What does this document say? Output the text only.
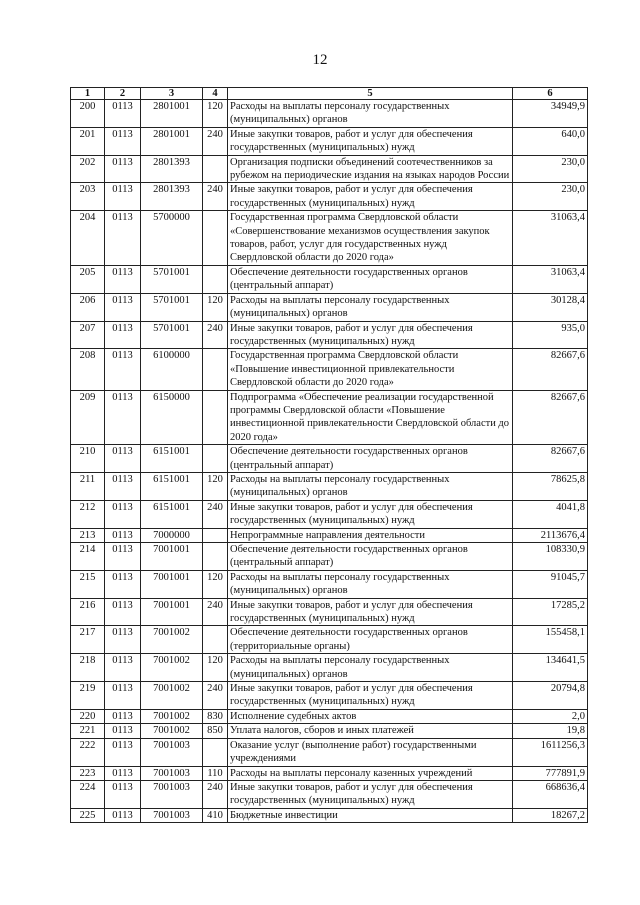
12
1	2	3	4	5	6
200	0113	2801001	120	Расходы на выплаты персоналу государственных (муниципальных) органов	34949,9
201	0113	2801001	240	Иные закупки товаров, работ и услуг для обеспечения государственных (муниципальных) нужд	640,0
202	0113	2801393		Организация подписки объединений соотечественников за рубежом на периодические издания на языках народов России	230,0
203	0113	2801393	240	Иные закупки товаров, работ и услуг для обеспечения государственных (муниципальных) нужд	230,0
204	0113	5700000		Государственная программа Свердловской области «Совершенствование механизмов осуществления закупок товаров, работ, услуг для государственных нужд Свердловской области до 2020 года»	31063,4
205	0113	5701001		Обеспечение деятельности государственных органов (центральный аппарат)	31063,4
206	0113	5701001	120	Расходы на выплаты персоналу государственных (муниципальных) органов	30128,4
207	0113	5701001	240	Иные закупки товаров, работ и услуг для обеспечения государственных (муниципальных) нужд	935,0
208	0113	6100000		Государственная программа Свердловской области «Повышение инвестиционной привлекательности Свердловской области до 2020 года»	82667,6
209	0113	6150000		Подпрограмма «Обеспечение реализации государственной программы Свердловской области «Повышение инвестиционной привлекательности Свердловской области до 2020 года»	82667,6
210	0113	6151001		Обеспечение деятельности государственных органов (центральный аппарат)	82667,6
211	0113	6151001	120	Расходы на выплаты персоналу государственных (муниципальных) органов	78625,8
212	0113	6151001	240	Иные закупки товаров, работ и услуг для обеспечения государственных (муниципальных) нужд	4041,8
213	0113	7000000		Непрограммные направления деятельности	2113676,4
214	0113	7001001		Обеспечение деятельности государственных органов (центральный аппарат)	108330,9
215	0113	7001001	120	Расходы на выплаты персоналу государственных (муниципальных) органов	91045,7
216	0113	7001001	240	Иные закупки товаров, работ и услуг для обеспечения государственных (муниципальных) нужд	17285,2
217	0113	7001002		Обеспечение деятельности государственных органов (территориальные органы)	155458,1
218	0113	7001002	120	Расходы на выплаты персоналу государственных (муниципальных) органов	134641,5
219	0113	7001002	240	Иные закупки товаров, работ и услуг для обеспечения государственных (муниципальных) нужд	20794,8
220	0113	7001002	830	Исполнение судебных актов	2,0
221	0113	7001002	850	Уплата налогов, сборов и иных платежей	19,8
222	0113	7001003		Оказание услуг (выполнение работ) государственными учреждениями	1611256,3
223	0113	7001003	110	Расходы на выплаты персоналу казенных учреждений	777891,9
224	0113	7001003	240	Иные закупки товаров, работ и услуг для обеспечения государственных (муниципальных) нужд	668636,4
225	0113	7001003	410	Бюджетные инвестиции	18267,2
